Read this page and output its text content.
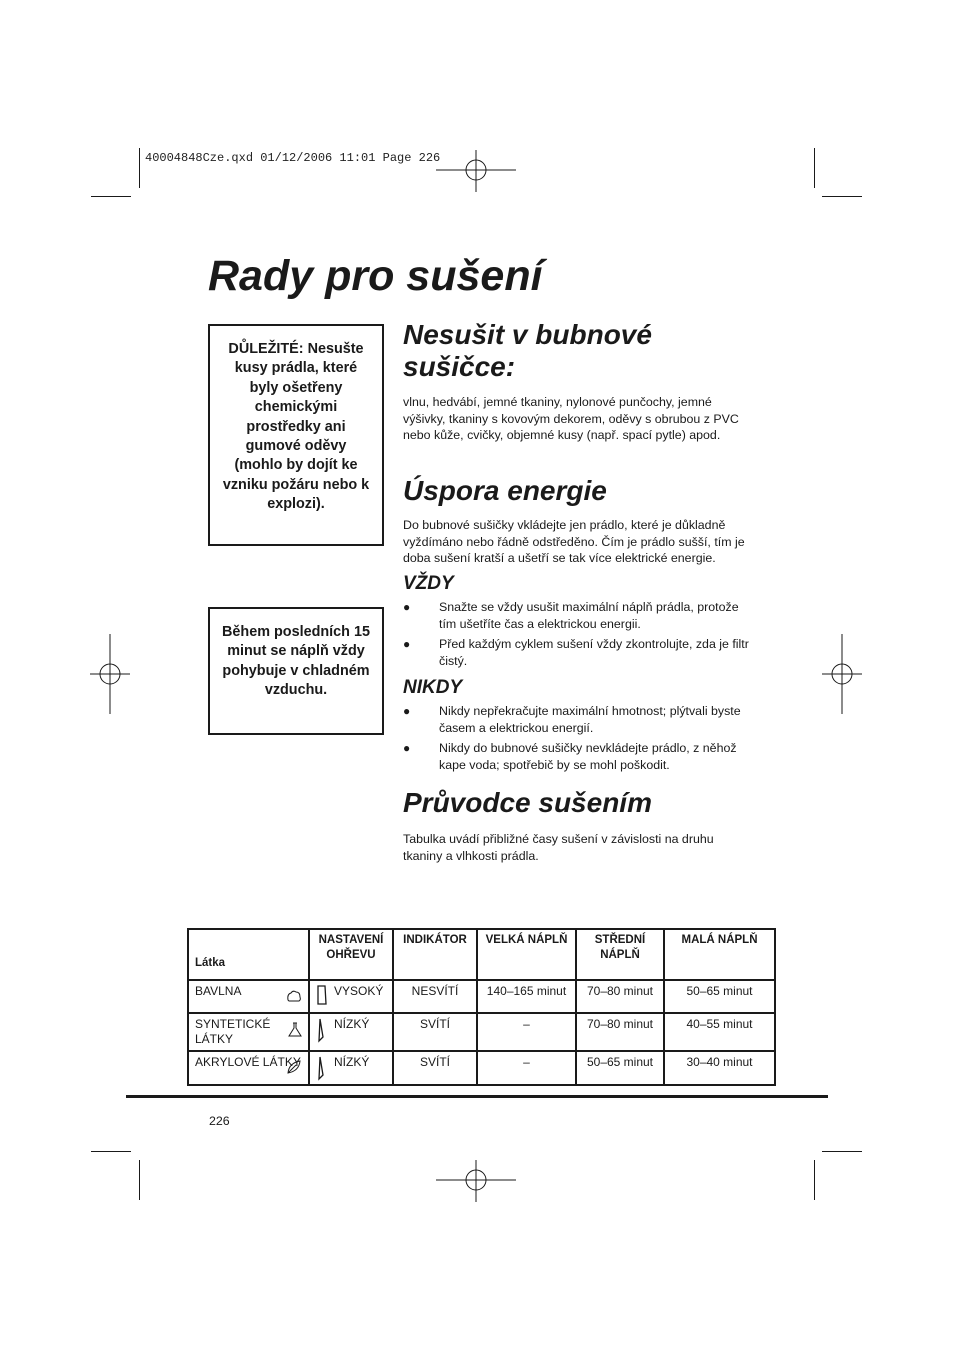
40004848Cze.qxd 01/12/2006 11:01 Page 226
Rady pro sušení
DŮLEŽITÉ: Nesušte kusy prádla, které byly ošetřeny chemickými prostředky ani gumové oděvy (mohlo by dojít ke vzniku požáru nebo k explozi).
Během posledních 15 minut se náplň vždy pohybuje v chladném vzduchu.
Nesušit v bubnové sušičce:
vlnu, hedvábí, jemné tkaniny, nylonové punčochy, jemné výšivky, tkaniny s kovovým dekorem, oděvy s obrubou z PVC nebo kůže, cvičky, objemné kusy (např. spací pytle) apod.
Úspora energie
Do bubnové sušičky vkládejte jen prádlo, které je důkladně vyždímáno nebo řádně odstředěno. Čím je prádlo sušší, tím je doba sušení kratší a ušetří se tak více elektrické energie.
VŽDY
● Snažte se vždy usušit maximální náplň prádla, protože tím ušetříte čas a elektrickou energii.
● Před každým cyklem sušení vždy zkontrolujte, zda je filtr čistý.
NIKDY
● Nikdy nepřekračujte maximální hmotnost; plýtvali byste časem a elektrickou energií.
● Nikdy do bubnové sušičky nevkládejte prádlo, z něhož kape voda; spotřebič by se mohl poškodit.
Průvodce sušením
Tabulka uvádí přibližné časy sušení v závislosti na druhu tkaniny a vlhkosti prádla.
Látka	NASTAVENÍ OHŘEVU	INDIKÁTOR	VELKÁ NÁPLŇ	STŘEDNÍ NÁPLŇ	MALÁ NÁPLŇ
BAVLNA	VYSOKÝ	NESVÍTÍ	140–165 minut	70–80 minut	50–65 minut
SYNTETICKÉ LÁTKY	NÍZKÝ	SVÍTÍ	–	70–80 minut	40–55 minut
AKRYLOVÉ LÁTKY	NÍZKÝ	SVÍTÍ	–	50–65 minut	30–40 minut
226
